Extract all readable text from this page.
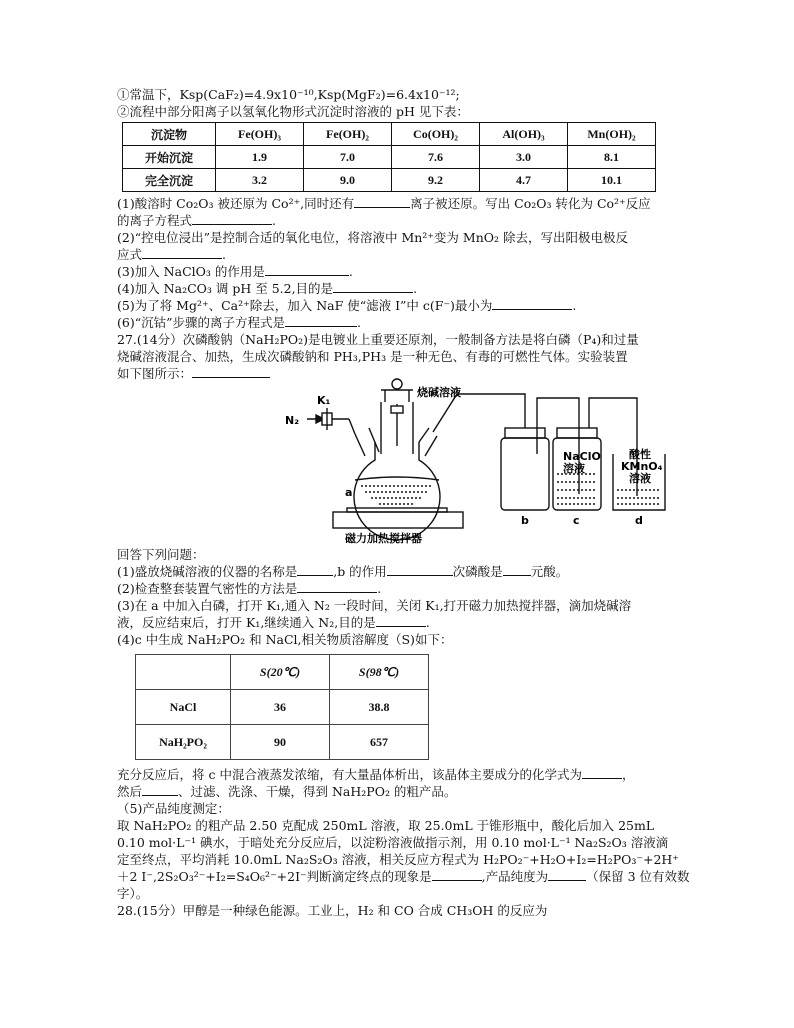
①常温下，Ksp(CaF₂)=4.9x10⁻¹⁰,Ksp(MgF₂)=6.4x10⁻¹²;
②流程中部分阳离子以氢氧化物形式沉淀时溶液的 pH 见下表：
沉淀物	Fe(OH)₃	Fe(OH)₂	Co(OH)₂	Al(OH)₃	Mn(OH)₂
开始沉淀	1.9	7.0	7.6	3.0	8.1
完全沉淀	3.2	9.0	9.2	4.7	10.1
(1)酸溶时 Co₂O₃ 被还原为 Co²⁺,同时还有	离子被还原。写出 Co₂O₃ 转化为 Co²⁺反应
的离子方程式	.
(2)“控电位浸出”是控制合适的氧化电位，将溶液中 Mn²⁺变为 MnO₂ 除去，写出阳极电极反
应式	.
(3)加入 NaClO₃ 的作用是	.
(4)加入 Na₂CO₃ 调 pH 至 5.2,目的是	.
(5)为了将 Mg²⁺、Ca²⁺除去，加入 NaF 使“滤液 I”中 c(F⁻)最小为	.
(6)“沉钴”步骤的离子方程式是	.
27.(14分）次磷酸钠（NaH₂PO₂)是电镀业上重要还原剂，一般制备方法是将白磷（P₄)和过量
烧碱溶液混合、加热，生成次磷酸钠和 PH₃,PH₃ 是一种无色、有毒的可燃性气体。实验装置
如下图所示：
N₂
K₁
烧碱溶液
a
b	c	d
NaClO
溶液
酸性
KMnO₄
溶液
磁力加热搅拌器
回答下列问题：
(1)盛放烧碱溶液的仪器的名称是	,b 的作用	次磷酸是 元酸。
(2)检查整套装置气密性的方法是	.
(3)在 a 中加入白磷，打开 K₁,通入 N₂ 一段时间，关闭 K₁,打开磁力加热搅拌器，滴加烧碱溶
液，反应结束后，打开 K₁,继续通入 N₂,目的是	.
(4)c 中生成 NaH₂PO₂ 和 NaCl,相关物质溶解度（S)如下：
	S(20℃)	S(98℃)
NaCl	36	38.8
NaH₂PO₂	90	657
充分反应后，将 c 中混合液蒸发浓缩，有大量晶体析出，该晶体主要成分的化学式为	，
然后	、过滤、洗涤、干燥，得到 NaH₂PO₂ 的粗产品。
（5)产品纯度测定：
取 NaH₂PO₂ 的粗产品 2.50 克配成 250mL 溶液，取 25.0mL 于锥形瓶中，酸化后加入 25mL
0.10 mol·L⁻¹ 碘水，于暗处充分反应后，以淀粉溶液做指示剂，用 0.10 mol·L⁻¹ Na₂S₂O₃ 溶液滴
定至终点，平均消耗 10.0mL Na₂S₂O₃ 溶液，相关反应方程式为 H₂PO₂⁻+H₂O+I₂=H₂PO₃⁻+2H⁺
＋2 I⁻,2S₂O₃²⁻+I₂=S₄O₆²⁻+2I⁻判断滴定终点的现象是	,产品纯度为	（保留 3 位有效数
字）。
28.(15分）甲醇是一种绿色能源。工业上，H₂ 和 CO 合成 CH₃OH 的反应为
